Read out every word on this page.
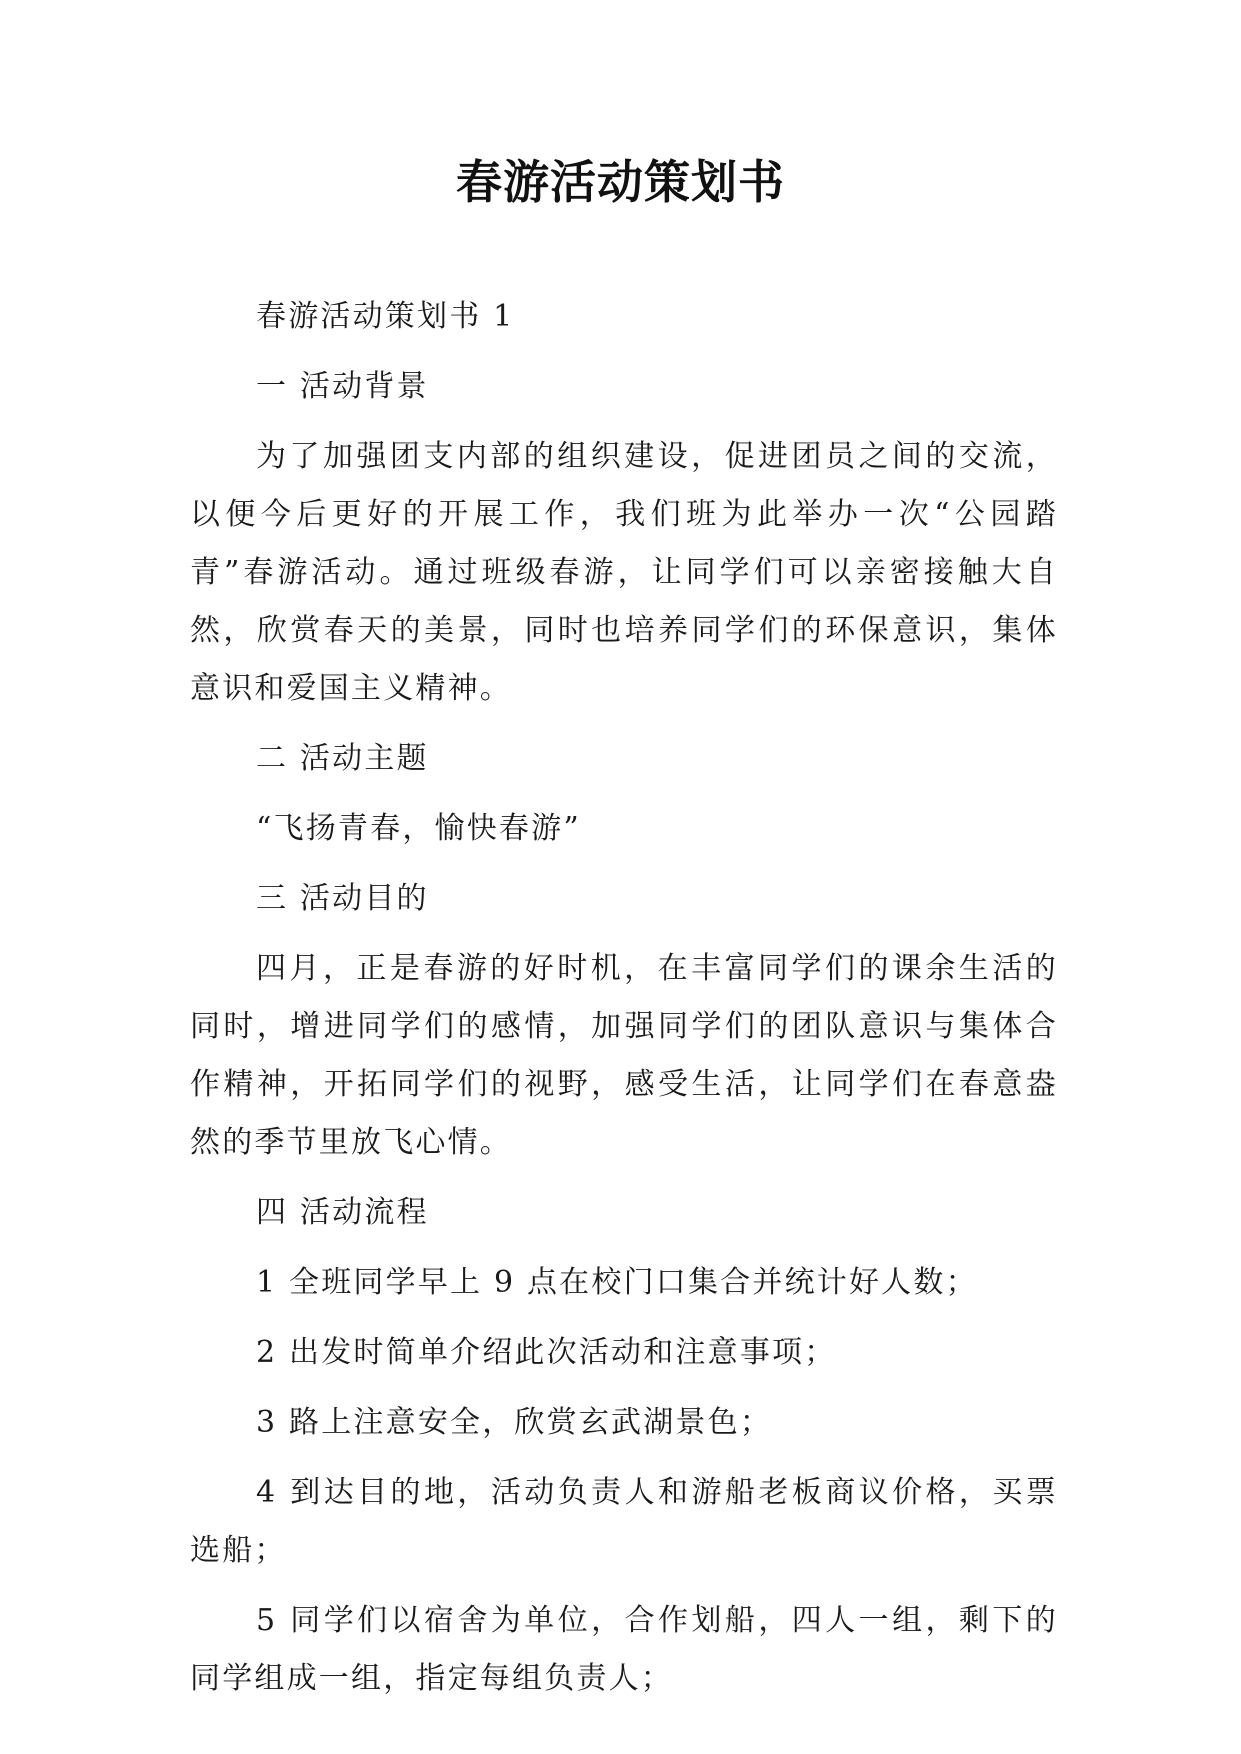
春游活动策划书

春游活动策划书 1

一 活动背景

为了加强团支内部的组织建设，促进团员之间的交流，以便今后更好的开展工作，我们班为此举办一次“公园踏青”春游活动。通过班级春游，让同学们可以亲密接触大自然，欣赏春天的美景，同时也培养同学们的环保意识，集体意识和爱国主义精神。

二 活动主题

“飞扬青春，愉快春游”

三 活动目的

四月，正是春游的好时机，在丰富同学们的课余生活的同时，增进同学们的感情，加强同学们的团队意识与集体合作精神，开拓同学们的视野，感受生活，让同学们在春意盎然的季节里放飞心情。

四 活动流程

1 全班同学早上 9 点在校门口集合并统计好人数；

2 出发时简单介绍此次活动和注意事项；

3 路上注意安全，欣赏玄武湖景色；

4 到达目的地，活动负责人和游船老板商议价格，买票选船；

5 同学们以宿舍为单位，合作划船，四人一组，剩下的同学组成一组，指定每组负责人；
